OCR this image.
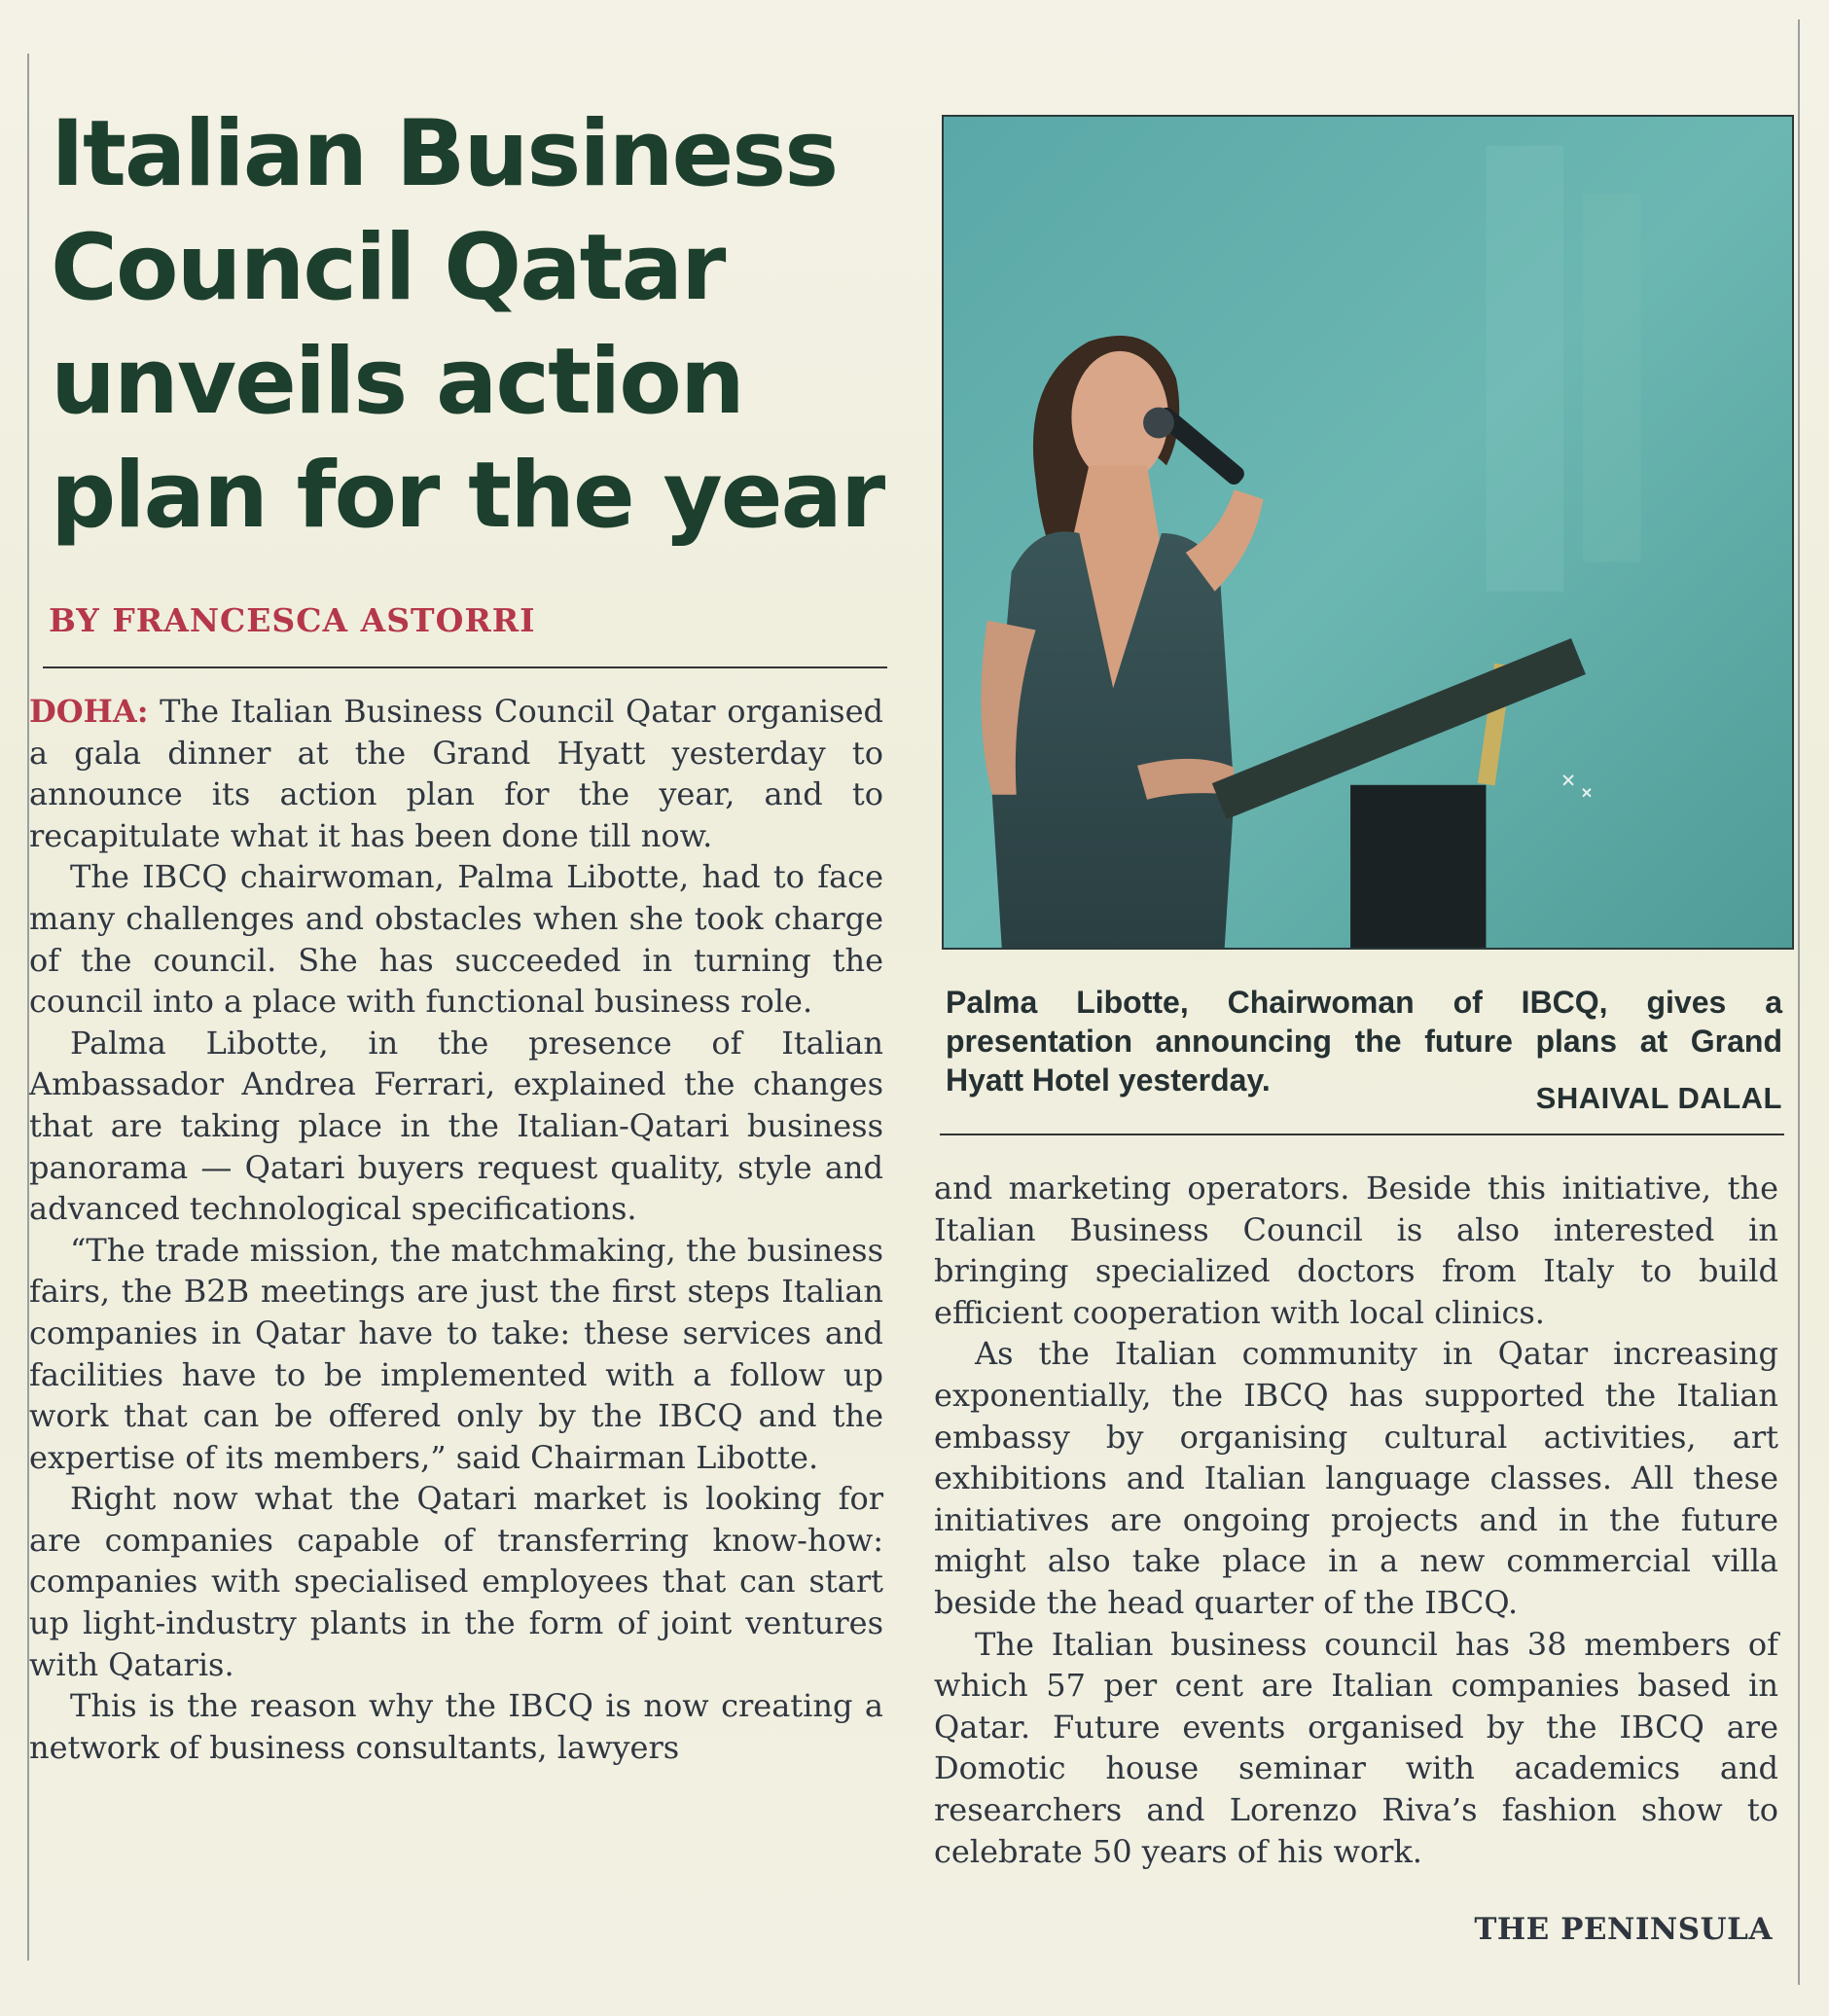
Italian Business Council Qatar unveils action plan for the year
BY FRANCESCA ASTORRI

DOHA: The Italian Business Council Qatar organised a gala dinner at the Grand Hyatt yesterday to announce its action plan for the year, and to recapitulate what it has been done till now.

The IBCQ chairwoman, Palma Libotte, had to face many challenges and obstacles when she took charge of the council. She has succeeded in turning the council into a place with functional business role.

Palma Libotte, in the presence of Italian Ambassador Andrea Ferrari, explained the changes that are taking place in the Italian-Qatari business panorama — Qatari buyers request quality, style and advanced technological specifications.

“The trade mission, the matchmaking, the business fairs, the B2B meetings are just the first steps Italian companies in Qatar have to take: these services and facilities have to be implemented with a follow up work that can be offered only by the IBCQ and the expertise of its members,” said Chairman Libotte.

Right now what the Qatari market is looking for are companies capable of transferring know-how: companies with specialised employees that can start up light-industry plants in the form of joint ventures with Qataris.

This is the reason why the IBCQ is now creating a network of business consultants, lawyers

Palma Libotte, Chairwoman of IBCQ, gives a presentation announcing the future plans at Grand Hyatt Hotel yesterday.
SHAIVAL DALAL

and marketing operators. Beside this initiative, the Italian Business Council is also interested in bringing specialized doctors from Italy to build efficient cooperation with local clinics.

As the Italian community in Qatar increasing exponentially, the IBCQ has supported the Italian embassy by organising cultural activities, art exhibitions and Italian language classes. All these initiatives are ongoing projects and in the future might also take place in a new commercial villa beside the head quarter of the IBCQ.

The Italian business council has 38 members of which 57 per cent are Italian companies based in Qatar. Future events organised by the IBCQ are Domotic house seminar with academics and researchers and Lorenzo Riva’s fashion show to celebrate 50 years of his work.

THE PENINSULA
